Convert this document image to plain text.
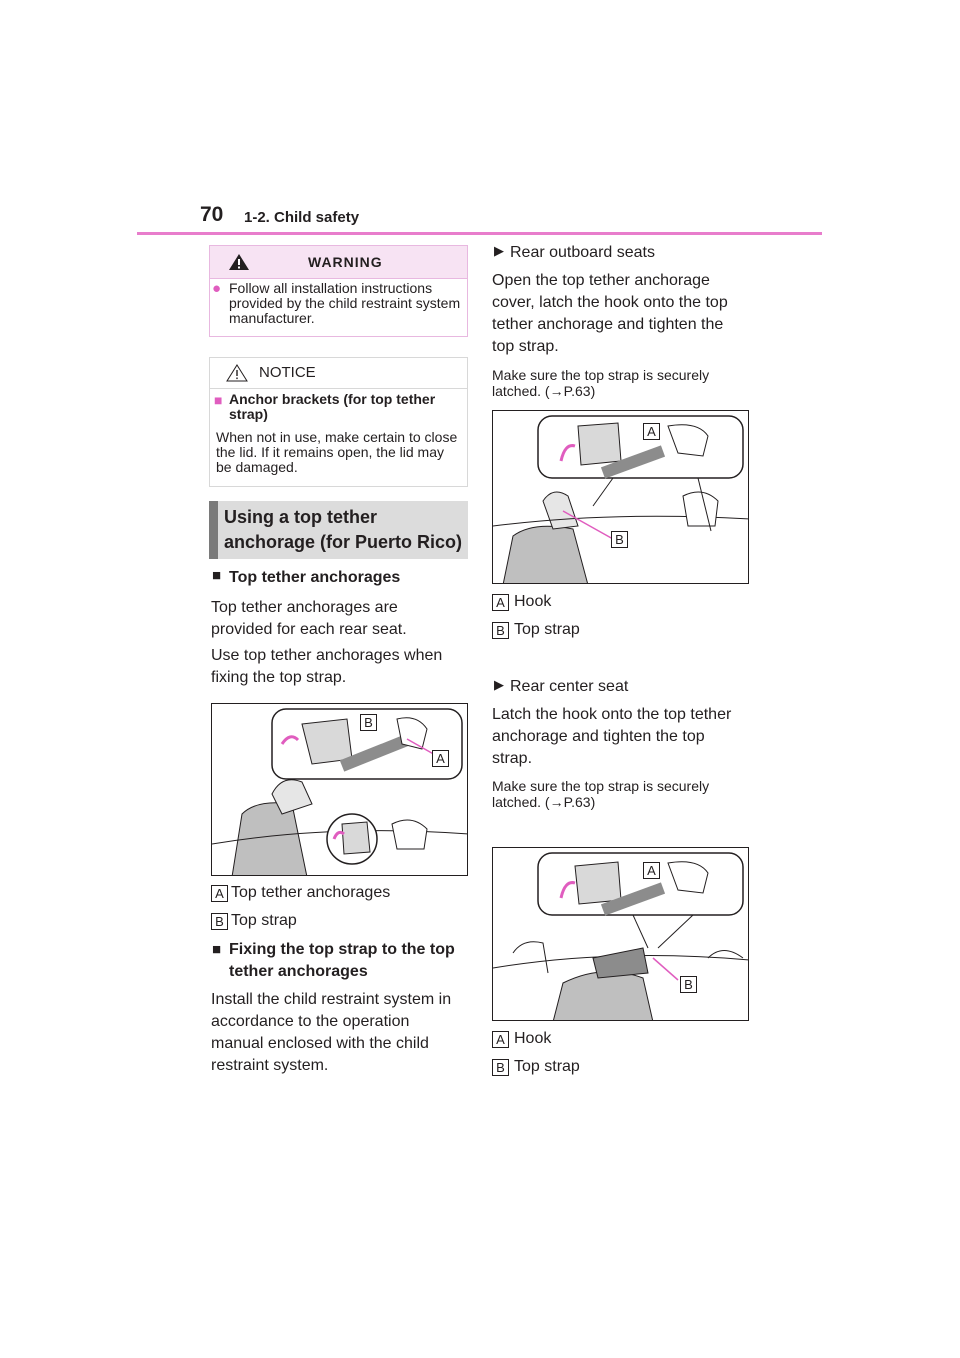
70 1-2. Child safety
WARNING
● Follow all installation instructions provided by the child restraint system manufacturer.
NOTICE
■ Anchor brackets (for top tether strap)
When not in use, make certain to close the lid. If it remains open, the lid may be damaged.
Using a top tether anchorage (for Puerto Rico)
■ Top tether anchorages
Top tether anchorages are provided for each rear seat.
Use top tether anchorages when fixing the top strap.
B
A
A Top tether anchorages
B Top strap
■ Fixing the top strap to the top tether anchorages
Install the child restraint system in accordance to the operation manual enclosed with the child restraint system.
▶ Rear outboard seats
Open the top tether anchorage cover, latch the hook onto the top tether anchorage and tighten the top strap.
Make sure the top strap is securely latched. (→P.63)
A
B
A Hook
B Top strap
▶ Rear center seat
Latch the hook onto the top tether anchorage and tighten the top strap.
Make sure the top strap is securely latched. (→P.63)
A
B
A Hook
B Top strap
